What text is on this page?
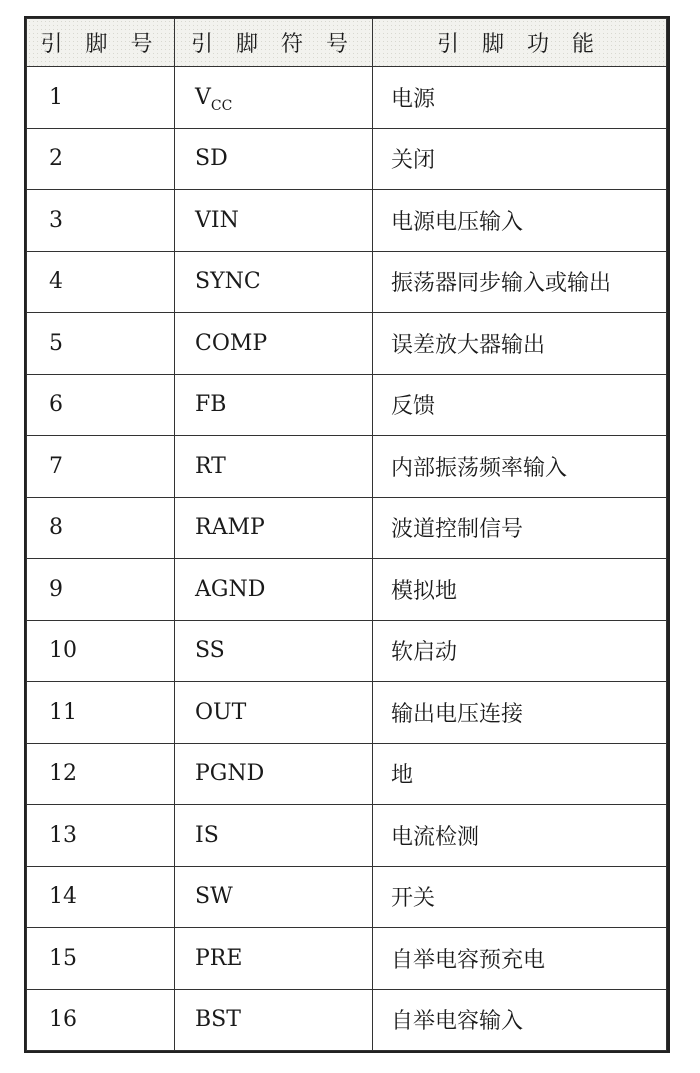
引 脚 号	引 脚 符 号	引 脚 功 能
1	$V_{CC}$	电源
2	SD	关闭
3	VIN	电源电压输入
4	SYNC	振荡器同步输入或输出
5	COMP	误差放大器输出
6	FB	反馈
7	RT	内部振荡频率输入
8	RAMP	波道控制信号
9	AGND	模拟地
10	SS	软启动
11	OUT	输出电压连接
12	PGND	地
13	IS	电流检测
14	SW	开关
15	PRE	自举电容预充电
16	BST	自举电容输入
